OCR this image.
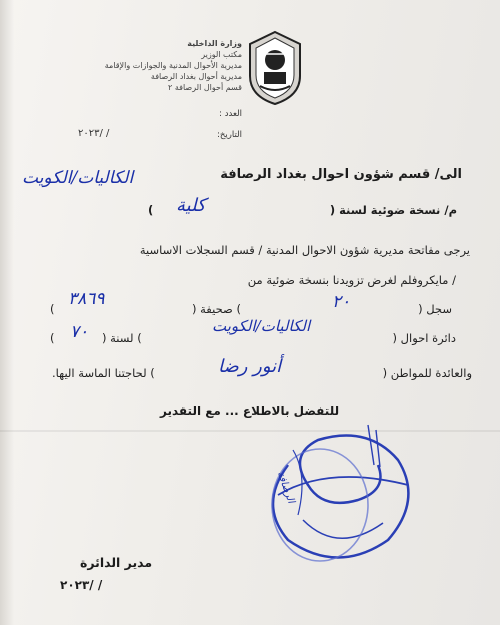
وزارة الداخلية
مكتب الوزير
مديرية الأحوال المدنية والجوازات والإقامة
مديرية أحوال بغداد الرصافة
قسم أحوال الرصافة ٢
العدد :
التاريخ:
٢٠٢٣/ /
الى/ قسم شؤون احوال بغداد الرصافة
الكاليات/الكويت
م/ نسخة ضوئية لسنة (
كلية
)
يرجى مفاتحة مديرية شؤون الاحوال المدنية / قسم السجلات الاساسية
/ مايكروفلم لغرض تزويدنا بنسخة ضوئية من
سجل (
٢٠
) صحيفة (
٣٨٦٩
)
دائرة احوال (
الكاليات/الكويت
) لسنة (
٧٠
)
والعائدة للمواطن (
أنور رضا
) لحاجتنا الماسة اليها.
للتفضل بالاطلاع ... مع التقدير
الرصافة
مدير الدائرة
٢٠٢٣/ /
